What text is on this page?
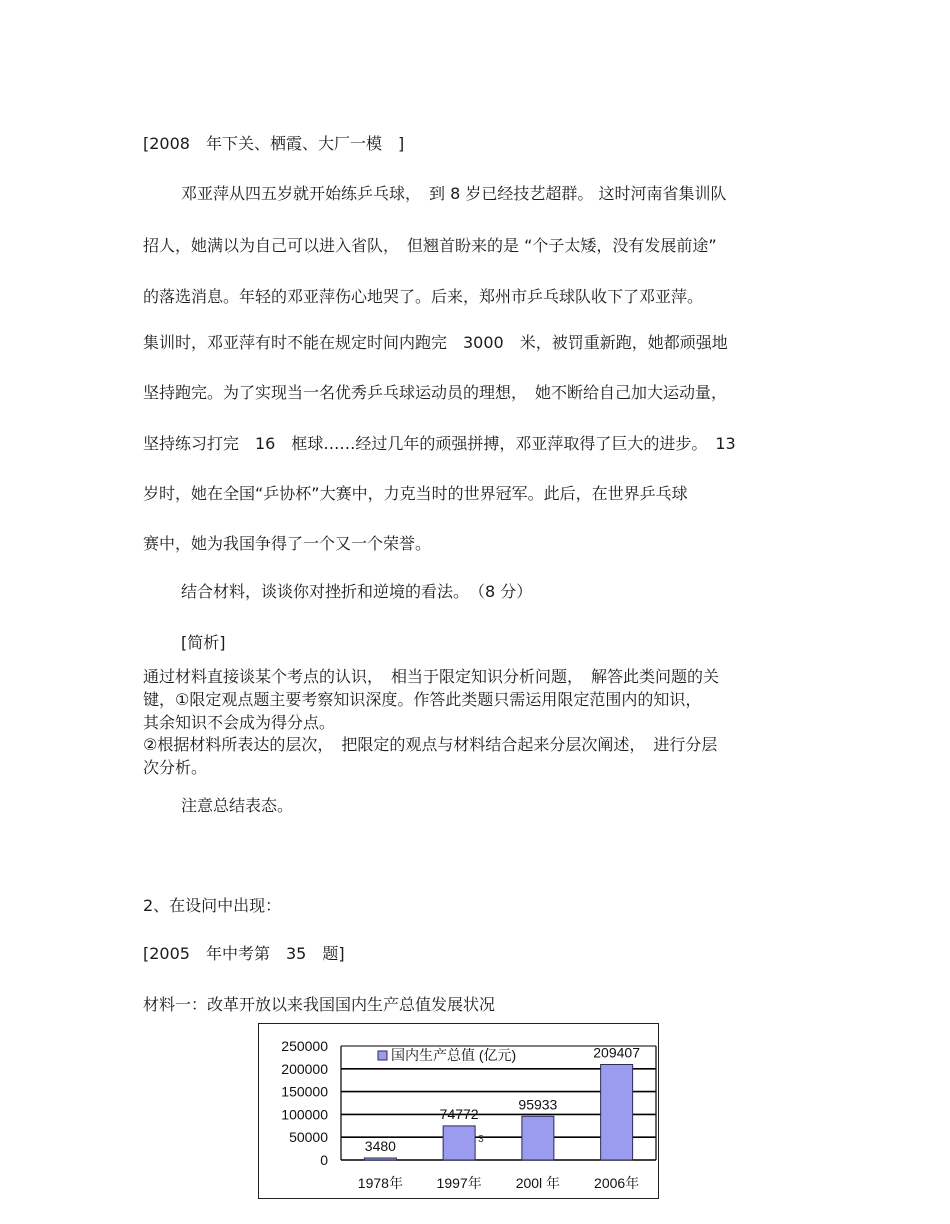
[2008　年下关、栖霞、大厂一模　]
邓亚萍从四五岁就开始练乒乓球，　到 8 岁已经技艺超群。 这时河南省集训队
招人，她满以为自己可以进入省队，　但翘首盼来的是 “个子太矮，没有发展前途”
的落选消息。年轻的邓亚萍伤心地哭了。后来，郑州市乒乓球队收下了邓亚萍。
集训时，邓亚萍有时不能在规定时间内跑完　3000　米，被罚重新跑，她都顽强地
坚持跑完。为了实现当一名优秀乒乓球运动员的理想，　她不断给自己加大运动量，
坚持练习打完　16　框球……经过几年的顽强拼搏，邓亚萍取得了巨大的进步。　13
岁时，她在全国“乒协杯”大赛中，力克当时的世界冠军。此后，在世界乒乓球
赛中，她为我国争得了一个又一个荣誉。
结合材料，谈谈你对挫折和逆境的看法。　（8 分）
[简析]
通过材料直接谈某个考点的认识，　相当于限定知识分析问题，　解答此类问题的关
键，①限定观点题主要考察知识深度。作答此类题只需运用限定范围内的知识，
其余知识不会成为得分点。
②根据材料所表达的层次，　把限定的观点与材料结合起来分层次阐述，　进行分层
次分析。
注意总结表态。
2、在设问中出现：
[2005　年中考第　35　题]
材料一：改革开放以来我国国内生产总值发展状况
250000
200000
150000
100000
50000
0
3480
74772
95933
209407
3
1978年 1997年 200l 年 2006年
国内生产总值 (亿元)
